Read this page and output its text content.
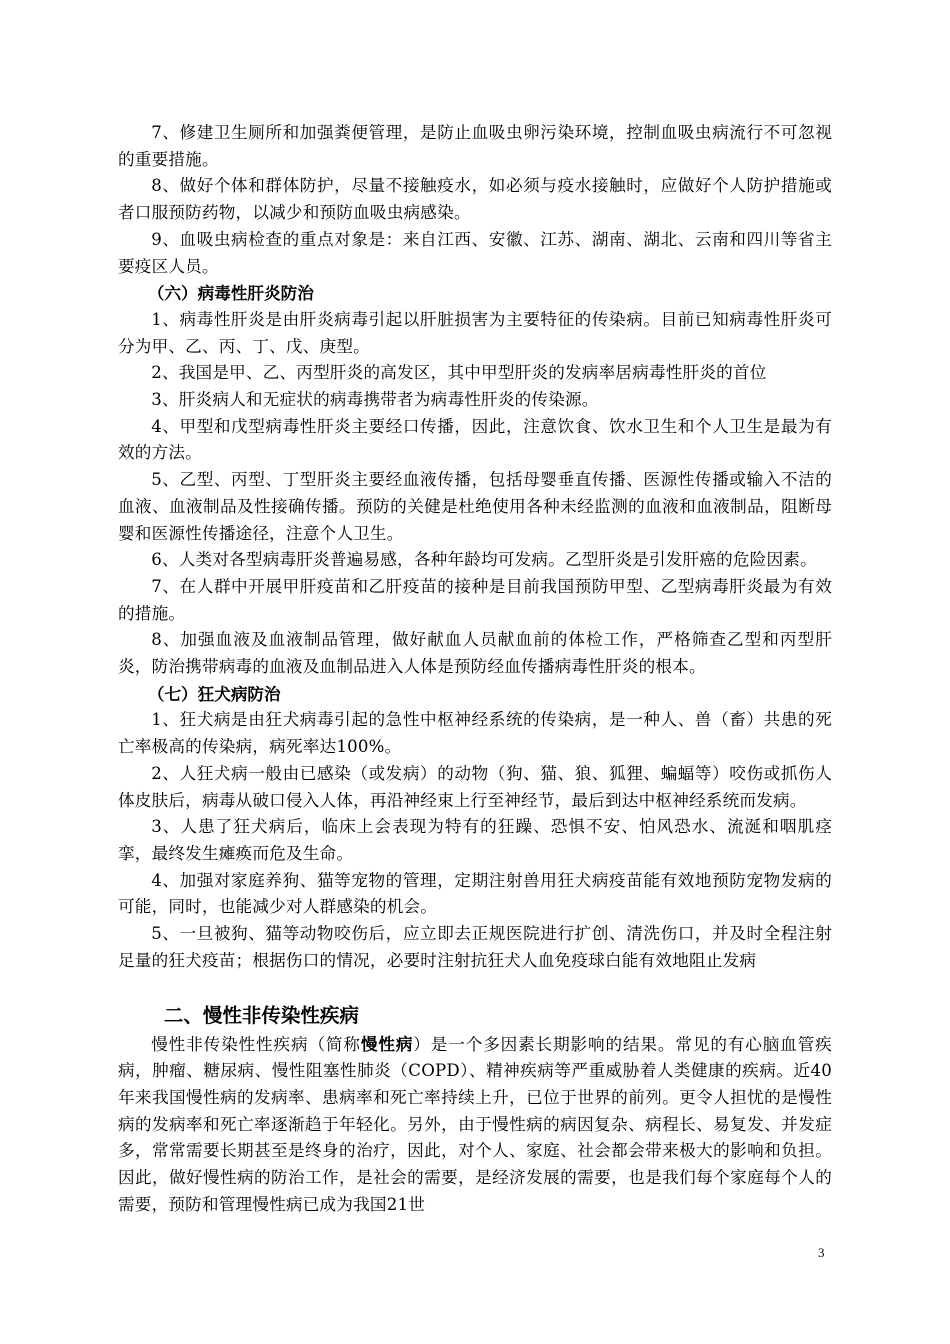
7、修建卫生厕所和加强粪便管理，是防止血吸虫卵污染环境，控制血吸虫病流行不可忽视的重要措施。

8、做好个体和群体防护，尽量不接触疫水，如必须与疫水接触时，应做好个人防护措施或者口服预防药物，以减少和预防血吸虫病感染。

9、血吸虫病检查的重点对象是：来自江西、安徽、江苏、湖南、湖北、云南和四川等省主要疫区人员。

（六）病毒性肝炎防治

1、病毒性肝炎是由肝炎病毒引起以肝脏损害为主要特征的传染病。目前已知病毒性肝炎可分为甲、乙、丙、丁、戊、庚型。

2、我国是甲、乙、丙型肝炎的高发区，其中甲型肝炎的发病率居病毒性肝炎的首位

3、肝炎病人和无症状的病毒携带者为病毒性肝炎的传染源。

4、甲型和戊型病毒性肝炎主要经口传播，因此，注意饮食、饮水卫生和个人卫生是最为有效的方法。

5、乙型、丙型、丁型肝炎主要经血液传播，包括母婴垂直传播、医源性传播或输入不洁的血液、血液制品及性接确传播。预防的关健是杜绝使用各种未经监测的血液和血液制品，阻断母婴和医源性传播途径，注意个人卫生。

6、人类对各型病毒肝炎普遍易感，各种年龄均可发病。乙型肝炎是引发肝癌的危险因素。

7、在人群中开展甲肝疫苗和乙肝疫苗的接种是目前我国预防甲型、乙型病毒肝炎最为有效的措施。

8、加强血液及血液制品管理，做好献血人员献血前的体检工作，严格筛查乙型和丙型肝炎，防治携带病毒的血液及血制品进入人体是预防经血传播病毒性肝炎的根本。

（七）狂犬病防治

1、狂犬病是由狂犬病毒引起的急性中枢神经系统的传染病，是一种人、兽（畜）共患的死亡率极高的传染病，病死率达100%。

2、人狂犬病一般由已感染（或发病）的动物（狗、猫、狼、狐狸、蝙蝠等）咬伤或抓伤人体皮肤后，病毒从破口侵入人体，再沿神经束上行至神经节，最后到达中枢神经系统而发病。

3、人患了狂犬病后，临床上会表现为特有的狂躁、恐惧不安、怕风恐水、流涎和咽肌痉挛，最终发生瘫痪而危及生命。

4、加强对家庭养狗、猫等宠物的管理，定期注射兽用狂犬病疫苗能有效地预防宠物发病的可能，同时，也能减少对人群感染的机会。

5、一旦被狗、猫等动物咬伤后，应立即去正规医院进行扩创、清洗伤口，并及时全程注射足量的狂犬疫苗；根据伤口的情况，必要时注射抗狂犬人血免疫球白能有效地阻止发病

二、慢性非传染性疾病

慢性非传染性性疾病（简称慢性病）是一个多因素长期影响的结果。常见的有心脑血管疾病，肿瘤、糖尿病、慢性阻塞性肺炎（COPD）、精神疾病等严重威胁着人类健康的疾病。近40年来我国慢性病的发病率、患病率和死亡率持续上升，已位于世界的前列。更令人担忧的是慢性病的发病率和死亡率逐渐趋于年轻化。另外，由于慢性病的病因复杂、病程长、易复发、并发症多，常常需要长期甚至是终身的治疗，因此，对个人、家庭、社会都会带来极大的影响和负担。因此，做好慢性病的防治工作，是社会的需要，是经济发展的需要，也是我们每个家庭每个人的需要，预防和管理慢性病已成为我国21世

3
